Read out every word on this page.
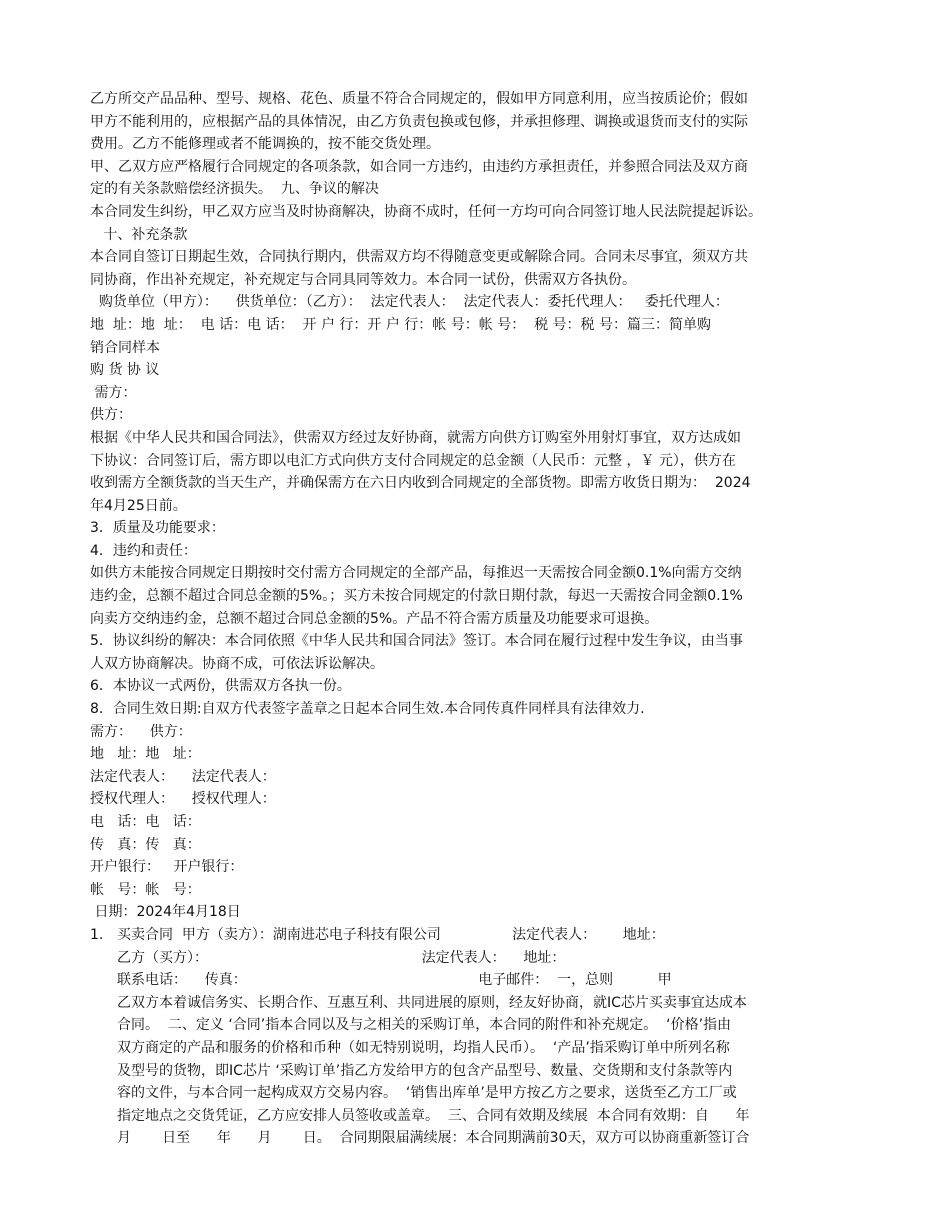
乙方所交产品品种、型号、规格、花色、质量不符合合同规定的，假如甲方同意利用，应当按质论价；假如

甲方不能利用的，应根据产品的具体情况，由乙方负责包换或包修，并承担修理、调换或退货而支付的实际

费用。乙方不能修理或者不能调换的，按不能交货处理。

甲、乙双方应严格履行合同规定的各项条款，如合同一方违约，由违约方承担责任，并参照合同法及双方商

定的有关条款赔偿经济损失。  九、争议的解决

本合同发生纠纷，甲乙双方应当及时协商解决，协商不成时，任何一方均可向合同签订地人民法院提起诉讼。

十、补充条款

本合同自签订日期起生效，合同执行期内，供需双方均不得随意变更或解除合同。合同未尽事宜，须双方共

同协商，作出补充规定，补充规定与合同具同等效力。本合同一试份，供需双方各执份。

购货单位（甲方）：    供货单位：（乙方）：  法定代表人：  法定代表人：委托代理人：   委托代理人：

地  址：地  址：  电 话：电 话：  开 户 行：开 户 行：帐 号：帐 号：  税 号：税 号：篇三：简单购

销合同样本

购 货 协 议

需方：

供方：

根据《中华人民共和国合同法》，供需双方经过友好协商，就需方向供方订购室外用射灯事宜，双方达成如

下协议：合同签订后，需方即以电汇方式向供方支付合同规定的总金额（人民币：元整 ，￥ 元），供方在

收到需方全额货款的当天生产，并确保需方在六日内收到合同规定的全部货物。即需方收货日期为：  2024

年4月25日前。

3．质量及功能要求：

4．违约和责任：

如供方未能按合同规定日期按时交付需方合同规定的全部产品，每推迟一天需按合同金额0.1%向需方交纳

违约金，总额不超过合同总金额的5%。；买方未按合同规定的付款日期付款，每迟一天需按合同金额0.1%

向卖方交纳违约金，总额不超过合同总金额的5%。产品不符合需方质量及功能要求可退换。

5．协议纠纷的解决：本合同依照《中华人民共和国合同法》签订。本合同在履行过程中发生争议，由当事

人双方协商解决。协商不成，可依法诉讼解决。

6．本协议一式两份，供需双方各执一份。

8．合同生效日期:自双方代表签字盖章之日起本合同生效.本合同传真件同样具有法律效力.

需方：    供方：

地   址：地   址：

法定代表人：    法定代表人：

授权代理人：    授权代理人：

电   话：电   话：

传   真：传   真：

开户银行：   开户银行：

帐   号：帐   号：

日期：2024年4月18日

1. 买卖合同  甲方（卖方）：湖南进芯电子科技有限公司                法定代表人：      地址：

乙方（买方）：                                                法定代表人：    地址：

联系电话：    传真：                                                    电子邮件：  一，总则          甲

乙双方本着诚信务实、长期合作、互惠互利、共同进展的原则，经友好协商，就IC芯片买卖事宜达成本

合同。  二、定义 ‘合同’指本合同以及与之相关的采购订单，本合同的附件和补充规定。  ‘价格’指由

双方商定的产品和服务的价格和币种（如无特别说明，均指人民币）。  ‘产品’指采购订单中所列名称

及型号的货物，即IC芯片 ‘采购订单’指乙方发给甲方的包含产品型号、数量、交货期和支付条款等内

容的文件，与本合同一起构成双方交易内容。  ‘销售出库单’是甲方按乙方之要求，送货至乙方工厂或

指定地点之交货凭证，乙方应安排人员签收或盖章。  三、合同有效期及续展  本合同有效期：自      年

月       日至      年      月       日。  合同期限届满续展：本合同期满前30天，双方可以协商重新签订合
